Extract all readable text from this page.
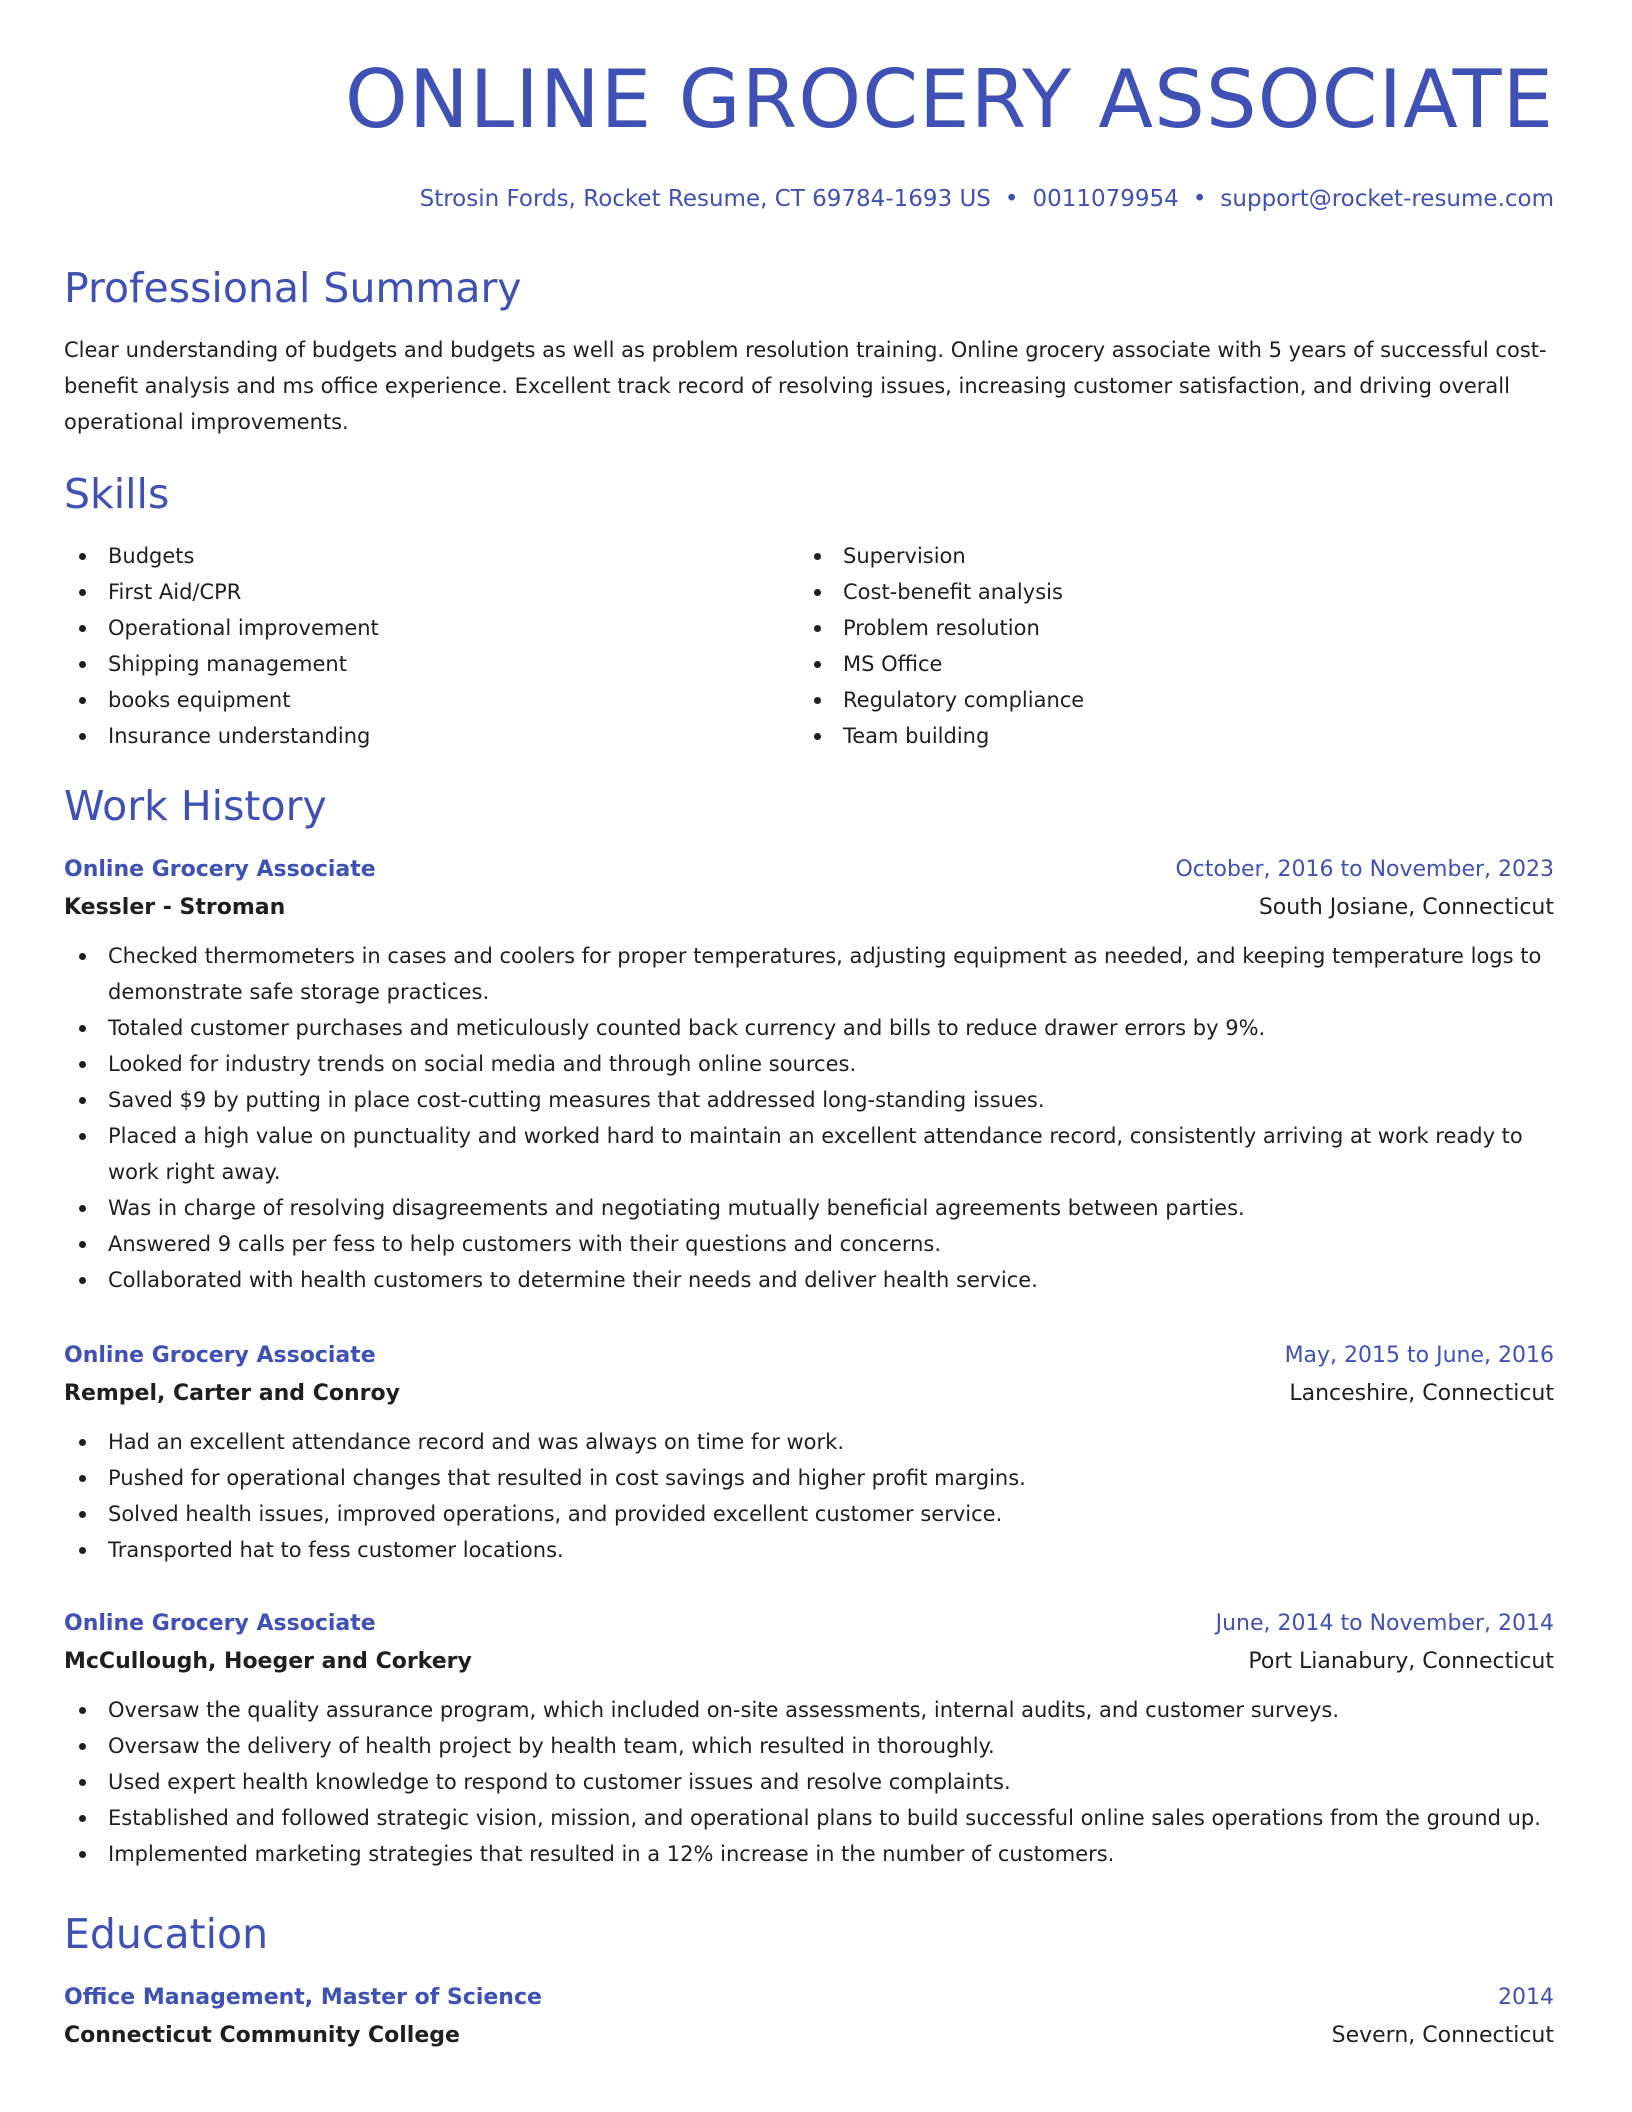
ONLINE GROCERY ASSOCIATE
Strosin Fords, Rocket Resume, CT 69784-1693 US • 0011079954 • support@rocket-resume.com
Professional Summary

Clear understanding of budgets and budgets as well as problem resolution training. Online grocery associate with 5 years of successful cost-benefit analysis and ms office experience. Excellent track record of resolving issues, increasing customer satisfaction, and driving overall operational improvements.

Skills
Budgets
First Aid/CPR
Operational improvement
Shipping management
books equipment
Insurance understanding
Supervision
Cost-benefit analysis
Problem resolution
MS Office
Regulatory compliance
Team building
Work History
Online Grocery Associate	October, 2016 to November, 2023
Kessler - Stroman	South Josiane, Connecticut
Checked thermometers in cases and coolers for proper temperatures, adjusting equipment as needed, and keeping temperature logs to demonstrate safe storage practices.
Totaled customer purchases and meticulously counted back currency and bills to reduce drawer errors by 9%.
Looked for industry trends on social media and through online sources.
Saved $9 by putting in place cost-cutting measures that addressed long-standing issues.
Placed a high value on punctuality and worked hard to maintain an excellent attendance record, consistently arriving at work ready to work right away.
Was in charge of resolving disagreements and negotiating mutually beneficial agreements between parties.
Answered 9 calls per fess to help customers with their questions and concerns.
Collaborated with health customers to determine their needs and deliver health service.
Online Grocery Associate	May, 2015 to June, 2016
Rempel, Carter and Conroy	Lanceshire, Connecticut
Had an excellent attendance record and was always on time for work.
Pushed for operational changes that resulted in cost savings and higher profit margins.
Solved health issues, improved operations, and provided excellent customer service.
Transported hat to fess customer locations.
Online Grocery Associate	June, 2014 to November, 2014
McCullough, Hoeger and Corkery	Port Lianabury, Connecticut
Oversaw the quality assurance program, which included on-site assessments, internal audits, and customer surveys.
Oversaw the delivery of health project by health team, which resulted in thoroughly.
Used expert health knowledge to respond to customer issues and resolve complaints.
Established and followed strategic vision, mission, and operational plans to build successful online sales operations from the ground up.
Implemented marketing strategies that resulted in a 12% increase in the number of customers.
Education
Office Management, Master of Science	2014
Connecticut Community College	Severn, Connecticut
